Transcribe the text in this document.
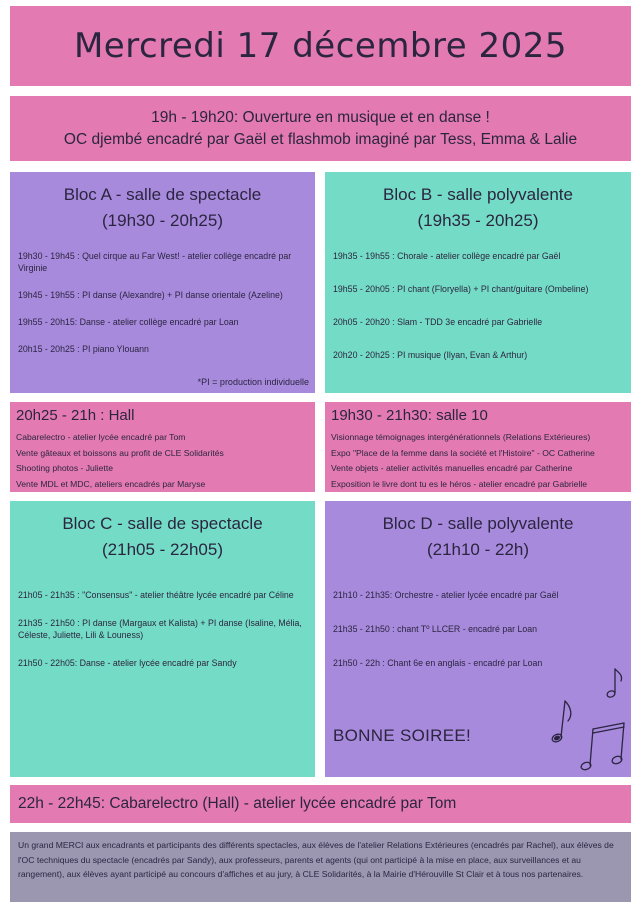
Mercredi 17 décembre 2025

19h - 19h20: Ouverture en musique et en danse !

OC djembé encadré par Gaël et flashmob imaginé par Tess, Emma & Lalie

Bloc A - salle de spectacle
(19h30 - 20h25)

19h30 - 19h45 : Quel cirque au Far West! - atelier collège encadré par Virginie

19h45 - 19h55 : PI danse (Alexandre) + PI danse orientale (Azeline)

19h55 - 20h15: Danse - atelier collège encadré par Loan

20h15 - 20h25 : PI piano Ylouann

*PI = production individuelle
Bloc B - salle polyvalente
(19h35 - 20h25)

19h35 - 19h55 : Chorale - atelier collège encadré par Gaël

19h55 - 20h05 : PI chant (Floryella) + PI chant/guitare (Ombeline)

20h05 - 20h20 : Slam - TDD 3e encadré par Gabrielle

20h20 - 20h25 : PI musique (Ilyan, Evan & Arthur)

20h25 - 21h : Hall
Cabarelectro - atelier lycée encadré par Tom
Vente gâteaux et boissons au profit de CLE Solidarités
Shooting photos - Juliette
Vente MDL et MDC, ateliers encadrés par Maryse
19h30 - 21h30: salle 10
Visionnage témoignages intergénérationnels (Relations Extérieures)
Expo "Place de la femme dans la société et l'Histoire" - OC Catherine
Vente objets - atelier activités manuelles encadré par Catherine
Exposition le livre dont tu es le héros - atelier encadré par Gabrielle
Bloc C - salle de spectacle
(21h05 - 22h05)

21h05 - 21h35 : "Consensus" - atelier théâtre lycée encadré par Céline

21h35 - 21h50 : PI danse (Margaux et Kalista) + PI danse (Isaline, Mélia, Céleste, Juliette, Lili & Louness)

21h50 - 22h05: Danse - atelier lycée encadré par Sandy

Bloc D - salle polyvalente
(21h10 - 22h)

21h10 - 21h35: Orchestre - atelier lycée encadré par Gaël

21h35 - 21h50 : chant Tº LLCER - encadré par Loan

21h50 - 22h : Chant 6e en anglais - encadré par Loan

BONNE SOIREE!
22h - 22h45: Cabarelectro (Hall) - atelier lycée encadré par Tom

Un grand MERCI aux encadrants et participants des différents spectacles, aux élèves de l'atelier Relations Extérieures (encadrés par Rachel), aux élèves de l'OC techniques du spectacle (encadrés par Sandy), aux professeurs, parents et agents (qui ont participé à la mise en place, aux surveillances et au rangement), aux élèves ayant participé au concours d'affiches et au jury, à CLE Solidarités, à la Mairie d'Hérouville St Clair et à tous nos partenaires.
